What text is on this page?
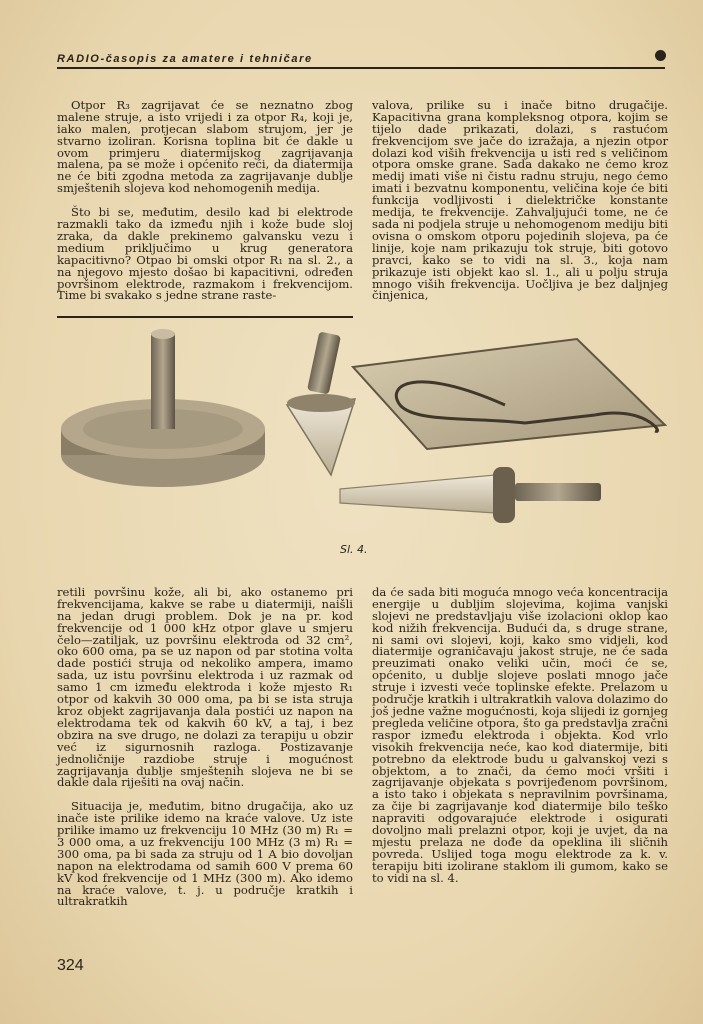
RADIO-časopis za amatere i tehničare

Otpor R₃ zagrijavat će se neznatno zbog malene struje, a isto vrijedi i za otpor R₄, koji je, iako malen, protjecan slabom strujom, jer je stvarno izoliran. Korisna toplina bit će dakle u ovom primjeru diatermijskog zagrijavanja malena, pa se može i općenito reći, da diatermija ne će biti zgodna metoda za zagrijavanje dublje smještenih slojeva kod nehomogenih medija.

Što bi se, međutim, desilo kad bi elektrode razmakli tako da između njih i kože bude sloj zraka, da dakle prekinemo galvansku vezu i medium priključimo u krug generatora kapacitivno? Otpao bi omski otpor R₁ na sl. 2., a na njegovo mjesto došao bi kapacitivni, određen površinom elektrode, razmakom i frekvencijom. Time bi svakako s jedne strane raste-

valova, prilike su i inače bitno drugačije. Kapacitivna grana kompleksnog otpora, kojim se tijelo dade prikazati, dolazi, s rastućom frekvencijom sve jače do izražaja, a njezin otpor dolazi kod viših frekvencija u isti red s veličinom otpora omske grane. Sada dakako ne ćemo kroz medij imati više ni čistu radnu struju, nego ćemo imati i bezvatnu komponentu, veličina koje će biti funkcija vodljivosti i dielektričke konstante medija, te frekvencije. Zahvaljujući tome, ne će sada ni podjela struje u nehomogenom mediju biti ovisna o omskom otporu pojedinih slojeva, pa će linije, koje nam prikazuju tok struje, biti gotovo pravci, kako se to vidi na sl. 3., koja nam prikazuje isti objekt kao sl. 1., ali u polju struja mnogo viših frekvencija. Uočljiva je bez daljnjeg činjenica,

Sl. 4.

retili površinu kože, ali bi, ako ostanemo pri frekvencijama, kakve se rabe u diatermiji, naišli na jedan drugi problem. Dok je na pr. kod frekvencije od 1 000 kHz otpor glave u smjeru čelo—zatiljak, uz površinu elektroda od 32 cm², oko 600 oma, pa se uz napon od par stotina volta dade postići struja od nekoliko ampera, imamo sada, uz istu površinu elektroda i uz razmak od samo 1 cm između elektroda i kože mjesto R₁ otpor od kakvih 30 000 oma, pa bi se ista struja kroz objekt zagrijavanja dala postići uz napon na elektrodama tek od kakvih 60 kV, a taj, i bez obzira na sve drugo, ne dolazi za terapiju u obzir već iz sigurnosnih razloga. Postizavanje jednoličnije razdiobe struje i mogućnost zagrijavanja dublje smještenih slojeva ne bi se dakle dala riješiti na ovaj način.

Situacija je, međutim, bitno drugačija, ako uz inače iste prilike idemo na kraće valove. Uz iste prilike imamo uz frekvenciju 10 MHz (30 m) R₁ = 3 000 oma, a uz frekvenciju 100 MHz (3 m) R₁ = 300 oma, pa bi sada za struju od 1 A bio dovoljan napon na elektrodama od samih 600 V prema 60 kV kod frekvencije od 1 MHz (300 m). Ako idemo na kraće valove, t. j. u područje kratkih i ultrakratkih

da će sada biti moguća mnogo veća koncentracija energije u dubljim slojevima, kojima vanjski slojevi ne predstavljaju više izolacioni oklop kao kod nižih frekvencija. Budući da, s druge strane, ni sami ovi slojevi, koji, kako smo vidjeli, kod diatermije ograničavaju jakost struje, ne će sada preuzimati onako veliki učin, moći će se, općenito, u dublje slojeve poslati mnogo jače struje i izvesti veće toplinske efekte. Prelazom u područje kratkih i ultrakratkih valova dolazimo do još jedne važne mogućnosti, koja slijedi iz gornjeg pregleda veličine otpora, što ga predstavlja zračni raspor između elektroda i objekta. Kod vrlo visokih frekvencija neće, kao kod diatermije, biti potrebno da elektrode budu u galvanskoj vezi s objektom, a to znači, da ćemo moći vršiti i zagrijavanje objekata s povrijeđenom površinom, a isto tako i objekata s nepravilnim površinama, za čije bi zagrijavanje kod diatermije bilo teško napraviti odgovarajuće elektrode i osigurati dovoljno mali prelazni otpor, koji je uvjet, da na mjestu prelaza ne dođe da opeklina ili sličnih povreda. Uslijed toga mogu elektrode za k. v. terapiju biti izolirane staklom ili gumom, kako se to vidi na sl. 4.

324
